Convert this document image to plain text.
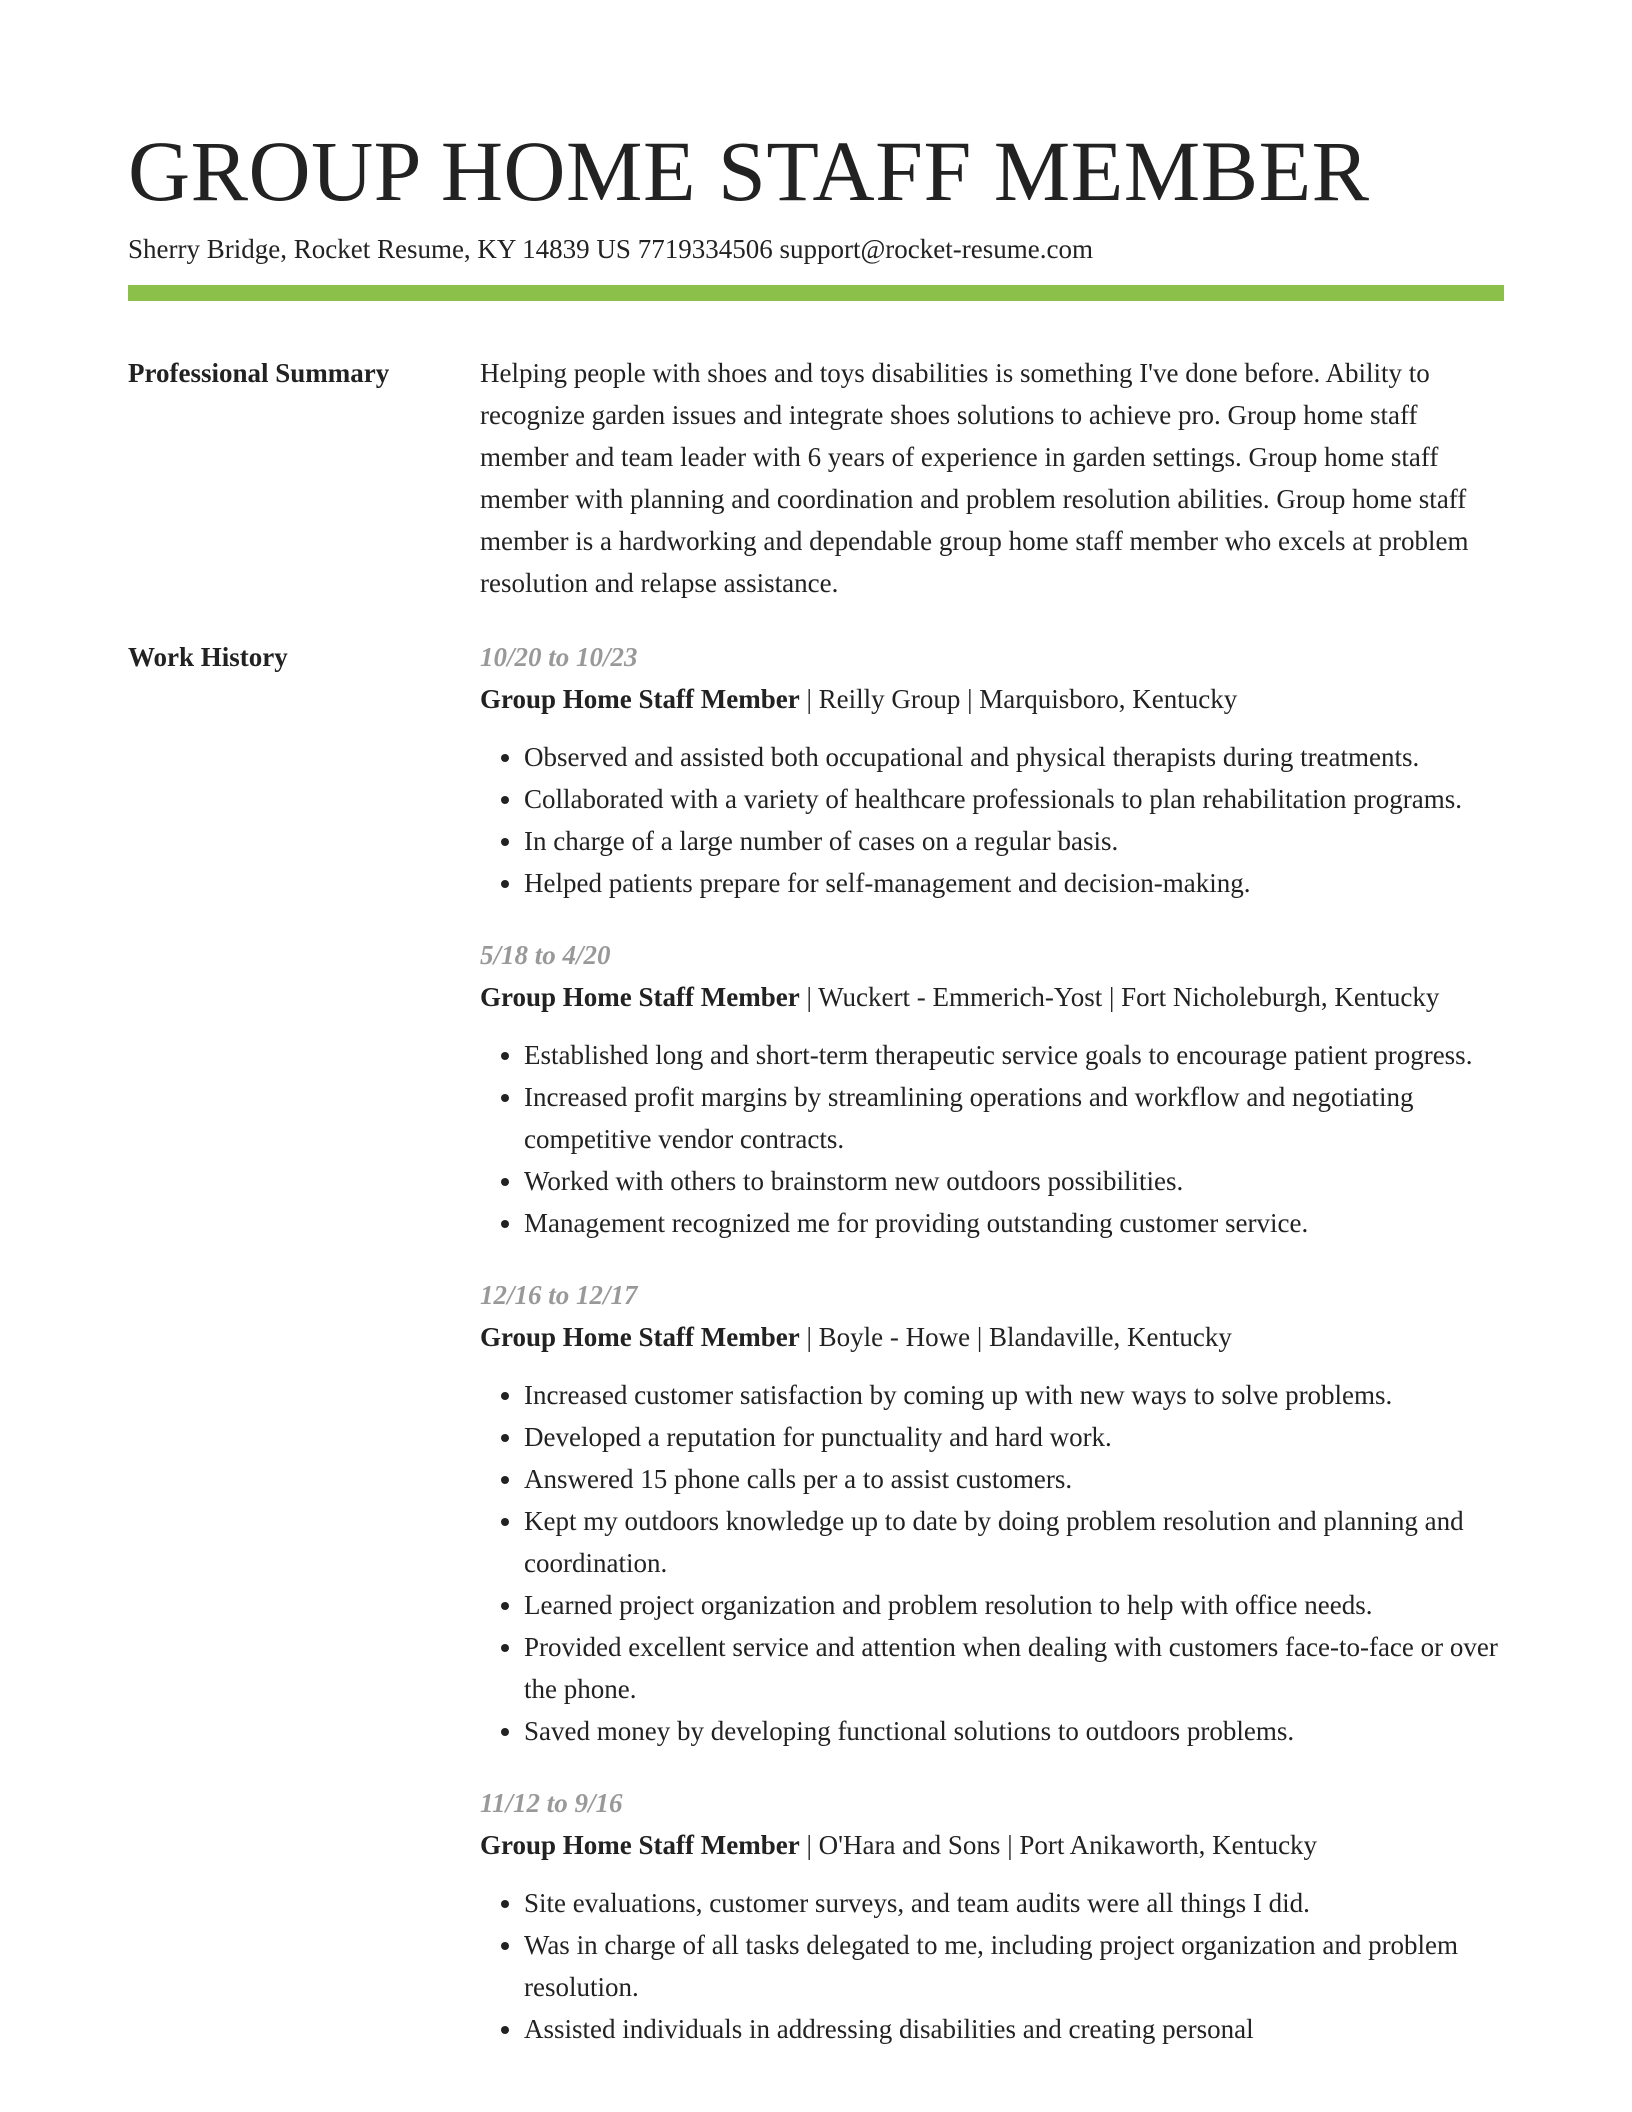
GROUP HOME STAFF MEMBER
Sherry Bridge, Rocket Resume, KY 14839 US 7719334506 support@rocket-resume.com
Professional Summary	Helping people with shoes and toys disabilities is something I've done before. Ability to recognize garden issues and integrate shoes solutions to achieve pro. Group home staff member and team leader with 6 years of experience in garden settings. Group home staff member with planning and coordination and problem resolution abilities. Group home staff member is a hardworking and dependable group home staff member who excels at problem resolution and relapse assistance.

Work History	10/20 to 10/23
Group Home Staff Member | Reilly Group | Marquisboro, Kentucky
• Observed and assisted both occupational and physical therapists during treatments.
• Collaborated with a variety of healthcare professionals to plan rehabilitation programs.
• In charge of a large number of cases on a regular basis.
• Helped patients prepare for self-management and decision-making.
5/18 to 4/20
Group Home Staff Member | Wuckert - Emmerich-Yost | Fort Nicholeburgh, Kentucky
• Established long and short-term therapeutic service goals to encourage patient progress.
• Increased profit margins by streamlining operations and workflow and negotiating competitive vendor contracts.
• Worked with others to brainstorm new outdoors possibilities.
• Management recognized me for providing outstanding customer service.
12/16 to 12/17
Group Home Staff Member | Boyle - Howe | Blandaville, Kentucky
• Increased customer satisfaction by coming up with new ways to solve problems.
• Developed a reputation for punctuality and hard work.
• Answered 15 phone calls per a to assist customers.
• Kept my outdoors knowledge up to date by doing problem resolution and planning and coordination.
• Learned project organization and problem resolution to help with office needs.
• Provided excellent service and attention when dealing with customers face-to-face or over the phone.
• Saved money by developing functional solutions to outdoors problems.
11/12 to 9/16
Group Home Staff Member | O'Hara and Sons | Port Anikaworth, Kentucky
• Site evaluations, customer surveys, and team audits were all things I did.
• Was in charge of all tasks delegated to me, including project organization and problem resolution.
• Assisted individuals in addressing disabilities and creating personal
